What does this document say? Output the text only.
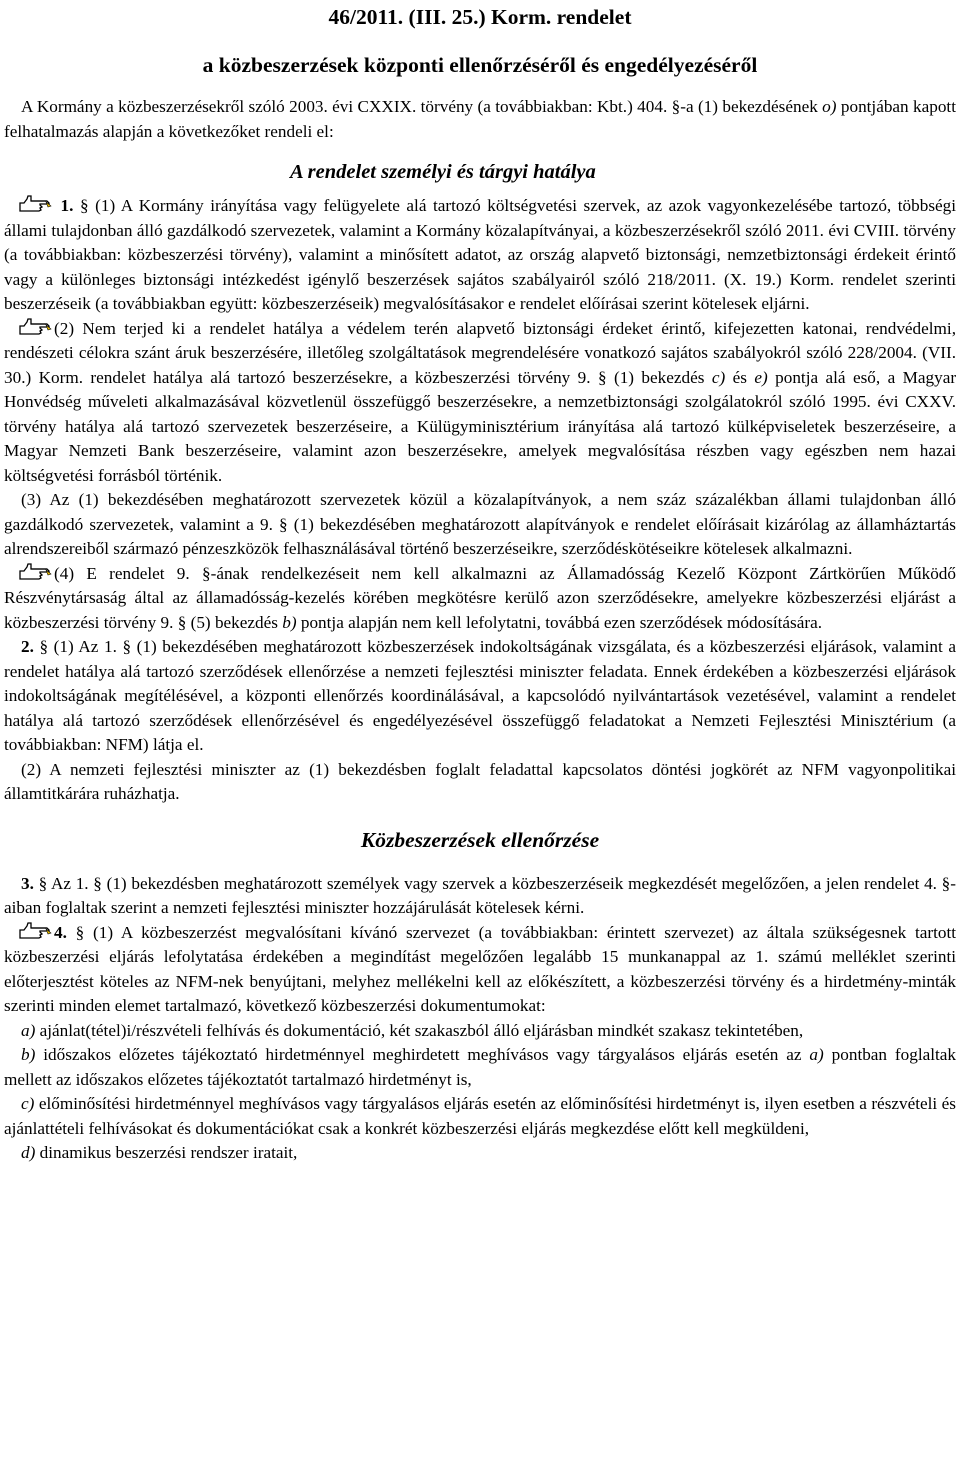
46/2011. (III. 25.) Korm. rendelet

a közbeszerzések központi ellenőrzéséről és engedélyezéséről

A Kormány a közbeszerzésekről szóló 2003. évi CXXIX. törvény (a továbbiakban: Kbt.) 404. §-a (1) bekezdésének o) pontjában kapott felhatalmazás alapján a következőket rendeli el:

A rendelet személyi és tárgyi hatálya

1. § (1) A Kormány irányítása vagy felügyelete alá tartozó költségvetési szervek, az azok vagyonkezelésébe tartozó, többségi állami tulajdonban álló gazdálkodó szervezetek, valamint a Kormány közalapítványai, a közbeszerzésekről szóló 2011. évi CVIII. törvény (a továbbiakban: közbeszerzési törvény), valamint a minősített adatot, az ország alapvető biztonsági, nemzetbiztonsági érdekeit érintő vagy a különleges biztonsági intézkedést igénylő beszerzések sajátos szabályairól szóló 218/2011. (X. 19.) Korm. rendelet szerinti beszerzéseik (a továbbiakban együtt: közbeszerzéseik) megvalósításakor e rendelet előírásai szerint kötelesek eljárni.

(2) Nem terjed ki a rendelet hatálya a védelem terén alapvető biztonsági érdeket érintő, kifejezetten katonai, rendvédelmi, rendészeti célokra szánt áruk beszerzésére, illetőleg szolgáltatások megrendelésére vonatkozó sajátos szabályokról szóló 228/2004. (VII. 30.) Korm. rendelet hatálya alá tartozó beszerzésekre, a közbeszerzési törvény 9. § (1) bekezdés c) és e) pontja alá eső, a Magyar Honvédség műveleti alkalmazásával közvetlenül összefüggő beszerzésekre, a nemzetbiztonsági szolgálatokról szóló 1995. évi CXXV. törvény hatálya alá tartozó szervezetek beszerzéseire, a Külügyminisztérium irányítása alá tartozó külképviseletek beszerzéseire, a Magyar Nemzeti Bank beszerzéseire, valamint azon beszerzésekre, amelyek megvalósítása részben vagy egészben nem hazai költségvetési forrásból történik.

(3) Az (1) bekezdésében meghatározott szervezetek közül a közalapítványok, a nem száz százalékban állami tulajdonban álló gazdálkodó szervezetek, valamint a 9. § (1) bekezdésében meghatározott alapítványok e rendelet előírásait kizárólag az államháztartás alrendszereiből származó pénzeszközök felhasználásával történő beszerzéseikre, szerződéskötéseikre kötelesek alkalmazni.

(4) E rendelet 9. §-ának rendelkezéseit nem kell alkalmazni az Államadósság Kezelő Központ Zártkörűen Működő Részvénytársaság által az államadósság-kezelés körében megkötésre kerülő azon szerződésekre, amelyekre közbeszerzési eljárást a közbeszerzési törvény 9. § (5) bekezdés b) pontja alapján nem kell lefolytatni, továbbá ezen szerződések módosítására.

2. § (1) Az 1. § (1) bekezdésében meghatározott közbeszerzések indokoltságának vizsgálata, és a közbeszerzési eljárások, valamint a rendelet hatálya alá tartozó szerződések ellenőrzése a nemzeti fejlesztési miniszter feladata. Ennek érdekében a közbeszerzési eljárások indokoltságának megítélésével, a központi ellenőrzés koordinálásával, a kapcsolódó nyilvántartások vezetésével, valamint a rendelet hatálya alá tartozó szerződések ellenőrzésével és engedélyezésével összefüggő feladatokat a Nemzeti Fejlesztési Minisztérium (a továbbiakban: NFM) látja el.

(2) A nemzeti fejlesztési miniszter az (1) bekezdésben foglalt feladattal kapcsolatos döntési jogkörét az NFM vagyonpolitikai államtitkárára ruházhatja.

Közbeszerzések ellenőrzése

3. § Az 1. § (1) bekezdésben meghatározott személyek vagy szervek a közbeszerzéseik megkezdését megelőzően, a jelen rendelet 4. §-aiban foglaltak szerint a nemzeti fejlesztési miniszter hozzájárulását kötelesek kérni.

4. § (1) A közbeszerzést megvalósítani kívánó szervezet (a továbbiakban: érintett szervezet) az általa szükségesnek tartott közbeszerzési eljárás lefolytatása érdekében a megindítást megelőzően legalább 15 munkanappal az 1. számú melléklet szerinti előterjesztést köteles az NFM-nek benyújtani, melyhez mellékelni kell az előkészített, a közbeszerzési törvény és a hirdetmény-minták szerinti minden elemet tartalmazó, következő közbeszerzési dokumentumokat:

a) ajánlat(tétel)i/részvételi felhívás és dokumentáció, két szakaszból álló eljárásban mindkét szakasz tekintetében,

b) időszakos előzetes tájékoztató hirdetménnyel meghirdetett meghívásos vagy tárgyalásos eljárás esetén az a) pontban foglaltak mellett az időszakos előzetes tájékoztatót tartalmazó hirdetményt is,

c) előminősítési hirdetménnyel meghívásos vagy tárgyalásos eljárás esetén az előminősítési hirdetményt is, ilyen esetben a részvételi és ajánlattételi felhívásokat és dokumentációkat csak a konkrét közbeszerzési eljárás megkezdése előtt kell megküldeni,

d) dinamikus beszerzési rendszer iratait,
